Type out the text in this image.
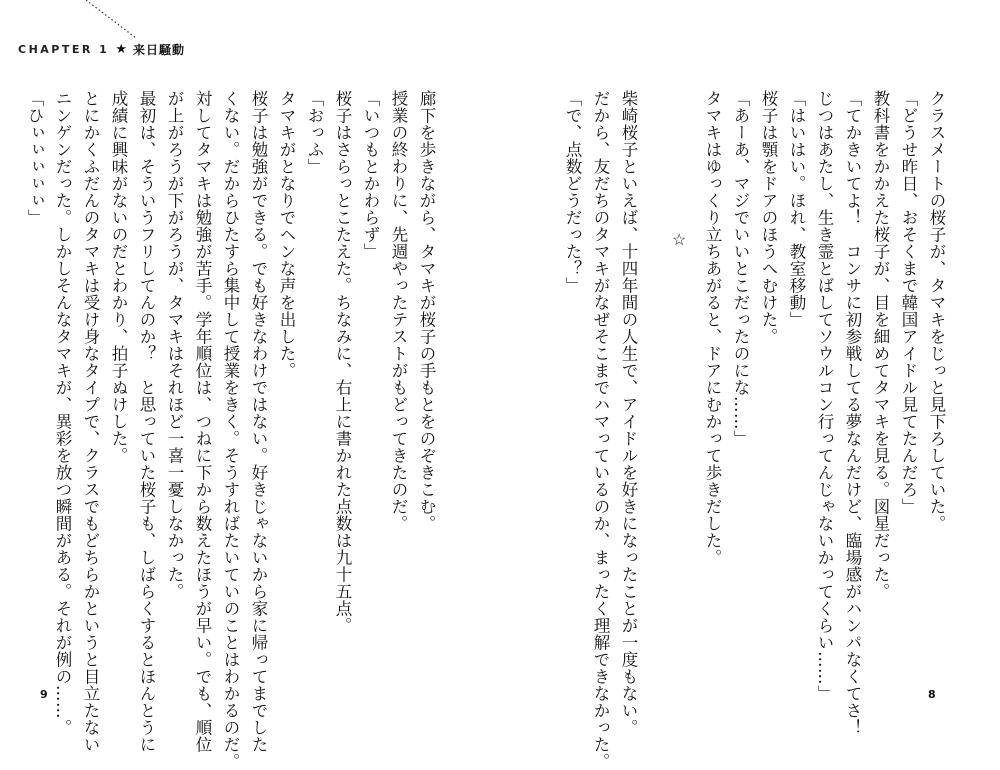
CHAPTER 1 ★ 来日騒動

クラスメートの桜子が、タマキをじっと見下ろしていた。

「どうせ昨日、おそくまで韓国アイドル見てたんだろ」

教科書をかかえた桜子が、目を細めてタマキを見る。図星だった。

「てかきいてよ！　コンサに初参戦してる夢なんだけど、臨場感がハンパなくてさ！

じつはあたし、生き霊とばしてソウルコン行ってんじゃないかってくらい……」

「はいはい。ほれ、教室移動」

桜子は顎をドアのほうへむけた。

「あーあ、マジでいいとこだったのにな……」

タマキはゆっくり立ちあがると、ドアにむかって歩きだした。

柴崎桜子といえば、十四年間の人生で、アイドルを好きになったことが一度もない。

だから、友だちのタマキがなぜそこまでハマっているのか、まったく理解できなかった。

「で、点数どうだった？」	☆

廊下を歩きながら、タマキが桜子の手もとをのぞきこむ。

授業の終わりに、先週やったテストがもどってきたのだ。

「いつもとかわらず」

桜子はさらっとこたえた。ちなみに、右上に書かれた点数は九十五点。

「おっふ」

タマキがとなりでヘンな声を出した。

桜子は勉強ができる。でも好きなわけではない。好きじゃないから家に帰ってまでした

くない。だからひたすら集中して授業をきく。そうすればたいていのことはわかるのだ。

対してタマキは勉強が苦手。学年順位は、つねに下から数えたほうが早い。でも、順位

が上がろうが下がろうが、タマキはそれほど一喜一憂しなかった。

最初は、そういうフリしてんのか？　と思っていた桜子も、しばらくするとほんとうに

成績に興味がないのだとわかり、拍子ぬけした。

とにかくふだんのタマキは受け身なタイプで、クラスでもどちらかというと目立たない

ニンゲンだった。しかしそんなタマキが、異彩を放つ瞬間がある。それが例の……。

「ひぃぃぃぃぃ」

9	8
